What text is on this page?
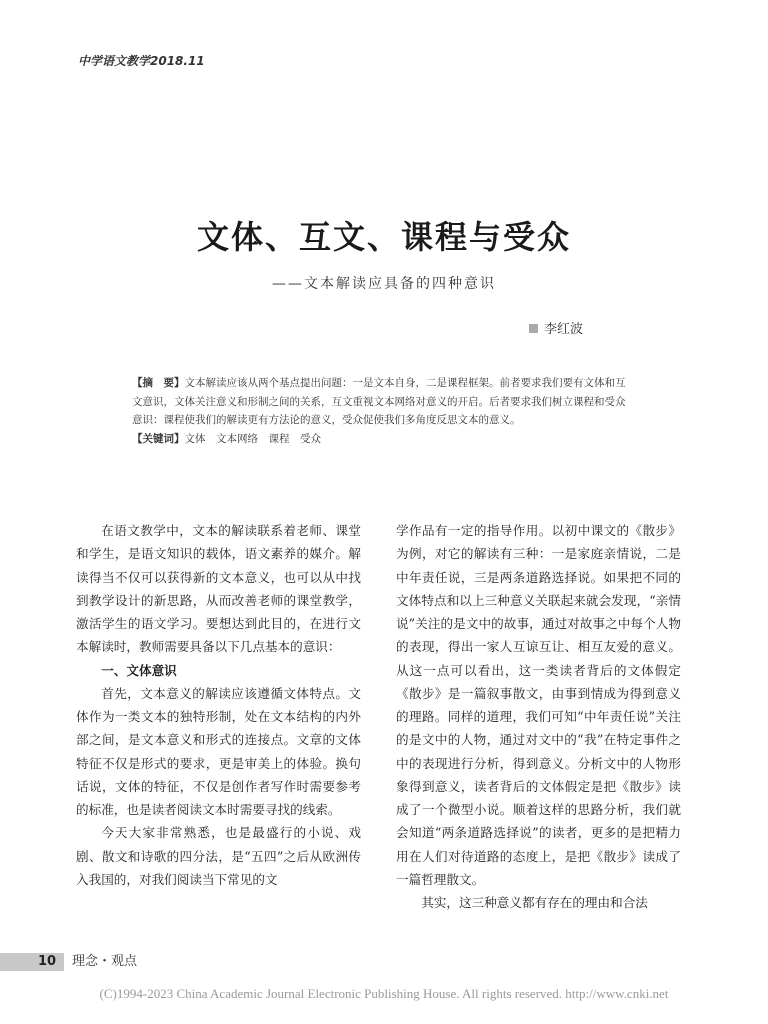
中学语文教学2018.11
文体、互文、课程与受众
——文本解读应具备的四种意识
李红波

【摘　要】文本解读应该从两个基点提出问题：一是文本自身，二是课程框架。前者要求我们要有文体和互文意识，文体关注意义和形制之间的关系，互文重视文本网络对意义的开启。后者要求我们树立课程和受众意识：课程使我们的解读更有方法论的意义，受众促使我们多角度反思文本的意义。

【关键词】文体　文本网络　课程　受众

在语文教学中，文本的解读联系着老师、课堂和学生，是语文知识的载体，语文素养的媒介。解读得当不仅可以获得新的文本意义，也可以从中找到教学设计的新思路，从而改善老师的课堂教学，激活学生的语文学习。要想达到此目的，在进行文本解读时，教师需要具备以下几点基本的意识：

一、文体意识

首先，文本意义的解读应该遵循文体特点。文体作为一类文本的独特形制，处在文本结构的内外部之间，是文本意义和形式的连接点。文章的文体特征不仅是形式的要求，更是审美上的体验。换句话说，文体的特征，不仅是创作者写作时需要参考的标准，也是读者阅读文本时需要寻找的线索。

今天大家非常熟悉，也是最盛行的小说、戏剧、散文和诗歌的四分法，是“五四”之后从欧洲传入我国的，对我们阅读当下常见的文

学作品有一定的指导作用。以初中课文的《散步》为例，对它的解读有三种：一是家庭亲情说，二是中年责任说，三是两条道路选择说。如果把不同的文体特点和以上三种意义关联起来就会发现，“亲情说”关注的是文中的故事，通过对故事之中每个人物的表现，得出一家人互谅互让、相互友爱的意义。从这一点可以看出，这一类读者背后的文体假定《散步》是一篇叙事散文，由事到情成为得到意义的理路。同样的道理，我们可知“中年责任说”关注的是文中的人物，通过对文中的“我”在特定事件之中的表现进行分析，得到意义。分析文中的人物形象得到意义，读者背后的文体假定是把《散步》读成了一个微型小说。顺着这样的思路分析，我们就会知道“两条道路选择说”的读者，更多的是把精力用在人们对待道路的态度上，是把《散步》读成了一篇哲理散文。

其实，这三种意义都有存在的理由和合法

10 理念・观点
(C)1994-2023 China Academic Journal Electronic Publishing House. All rights reserved. http://www.cnki.net
